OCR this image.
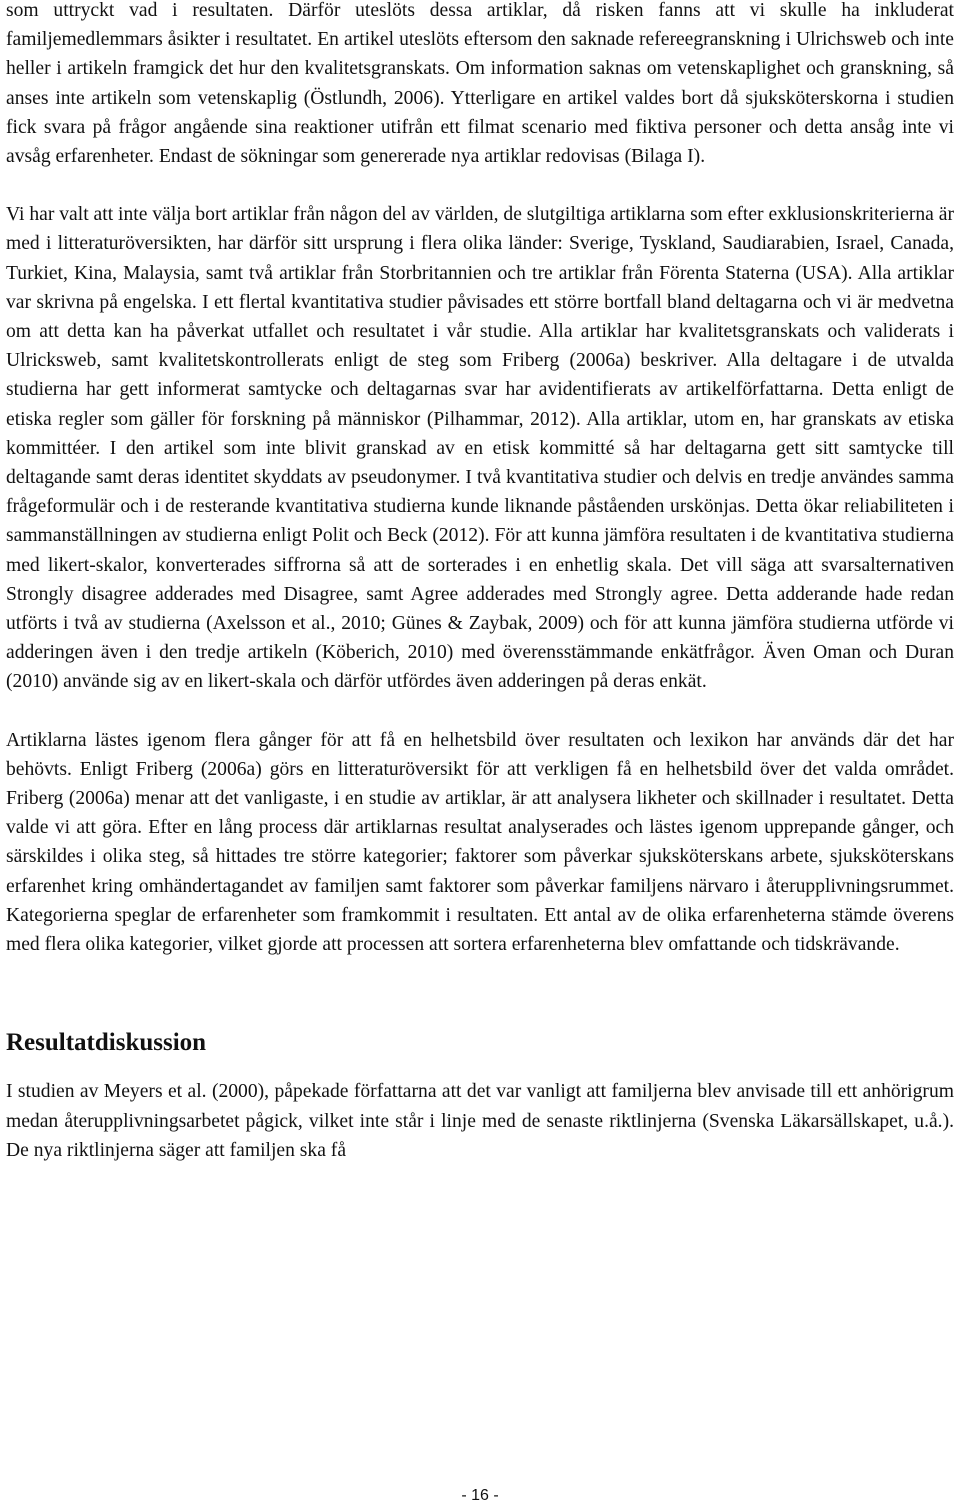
som uttryckt vad i resultaten. Därför uteslöts dessa artiklar, då risken fanns att vi skulle ha inkluderat familjemedlemmars åsikter i resultatet. En artikel uteslöts eftersom den saknade refereegranskning i Ulrichsweb och inte heller i artikeln framgick det hur den kvalitetsgranskats. Om information saknas om vetenskaplighet och granskning, så anses inte artikeln som vetenskaplig (Östlundh, 2006). Ytterligare en artikel valdes bort då sjuksköterskorna i studien fick svara på frågor angående sina reaktioner utifrån ett filmat scenario med fiktiva personer och detta ansåg inte vi avsåg erfarenheter. Endast de sökningar som genererade nya artiklar redovisas (Bilaga I).

Vi har valt att inte välja bort artiklar från någon del av världen, de slutgiltiga artiklarna som efter exklusionskriterierna är med i litteraturöversikten, har därför sitt ursprung i flera olika länder: Sverige, Tyskland, Saudiarabien, Israel, Canada, Turkiet, Kina, Malaysia, samt två artiklar från Storbritannien och tre artiklar från Förenta Staterna (USA). Alla artiklar var skrivna på engelska. I ett flertal kvantitativa studier påvisades ett större bortfall bland deltagarna och vi är medvetna om att detta kan ha påverkat utfallet och resultatet i vår studie. Alla artiklar har kvalitetsgranskats och validerats i Ulricksweb, samt kvalitetskontrollerats enligt de steg som Friberg (2006a) beskriver. Alla deltagare i de utvalda studierna har gett informerat samtycke och deltagarnas svar har avidentifierats av artikelförfattarna. Detta enligt de etiska regler som gäller för forskning på människor (Pilhammar, 2012). Alla artiklar, utom en, har granskats av etiska kommittéer. I den artikel som inte blivit granskad av en etisk kommitté så har deltagarna gett sitt samtycke till deltagande samt deras identitet skyddats av pseudonymer. I två kvantitativa studier och delvis en tredje användes samma frågeformulär och i de resterande kvantitativa studierna kunde liknande påståenden urskönjas. Detta ökar reliabiliteten i sammanställningen av studierna enligt Polit och Beck (2012). För att kunna jämföra resultaten i de kvantitativa studierna med likert-skalor, konverterades siffrorna så att de sorterades i en enhetlig skala. Det vill säga att svarsalternativen Strongly disagree adderades med Disagree, samt Agree adderades med Strongly agree. Detta adderande hade redan utförts i två av studierna (Axelsson et al., 2010; Günes & Zaybak, 2009) och för att kunna jämföra studierna utförde vi adderingen även i den tredje artikeln (Köberich, 2010) med överensstämmande enkätfrågor. Även Oman och Duran (2010) använde sig av en likert-skala och därför utfördes även adderingen på deras enkät.

Artiklarna lästes igenom flera gånger för att få en helhetsbild över resultaten och lexikon har används där det har behövts. Enligt Friberg (2006a) görs en litteraturöversikt för att verkligen få en helhetsbild över det valda området. Friberg (2006a) menar att det vanligaste, i en studie av artiklar, är att analysera likheter och skillnader i resultatet. Detta valde vi att göra. Efter en lång process där artiklarnas resultat analyserades och lästes igenom upprepande gånger, och särskildes i olika steg, så hittades tre större kategorier; faktorer som påverkar sjuksköterskans arbete, sjuksköterskans erfarenhet kring omhändertagandet av familjen samt faktorer som påverkar familjens närvaro i återupplivningsrummet. Kategorierna speglar de erfarenheter som framkommit i resultaten. Ett antal av de olika erfarenheterna stämde överens med flera olika kategorier, vilket gjorde att processen att sortera erfarenheterna blev omfattande och tidskrävande.

Resultatdiskussion

I studien av Meyers et al. (2000), påpekade författarna att det var vanligt att familjerna blev anvisade till ett anhörigrum medan återupplivningsarbetet pågick, vilket inte står i linje med de senaste riktlinjerna (Svenska Läkarsällskapet, u.å.). De nya riktlinjerna säger att familjen ska få

- 16 -
